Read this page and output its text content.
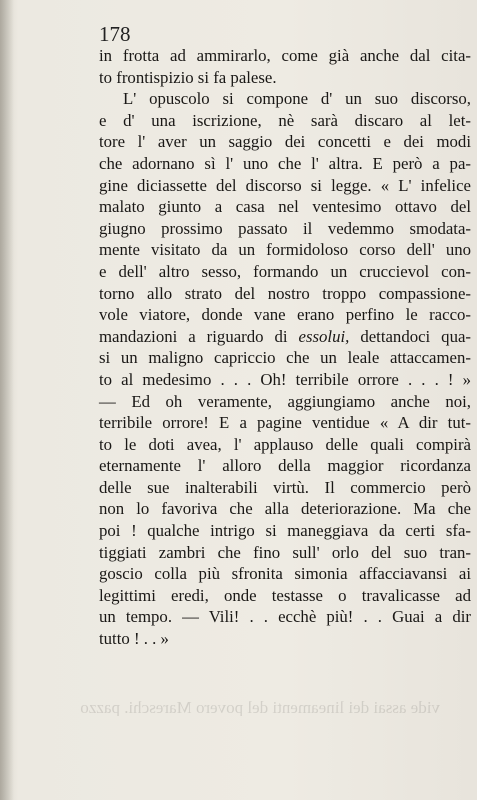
vide assai dei lineamenti del povero Mareschi. pazzo
178
in frotta ad ammirarlo, come già anche dal cita-
to frontispizio si fa palese.
L' opuscolo si compone d' un suo discorso,
e d' una iscrizione, nè sarà discaro al let-
tore l' aver un saggio dei concetti e dei modi
che adornano sì l' uno che l' altra. E però a pa-
gine diciassette del discorso si legge. « L' infelice
malato giunto a casa nel ventesimo ottavo del
giugno prossimo passato il vedemmo smodata-
mente visitato da un formidoloso corso dell' uno
e dell' altro sesso, formando un cruccievol con-
torno allo strato del nostro troppo compassione-
vole viatore, donde vane erano perfino le racco-
mandazioni a riguardo di essolui, dettandoci qua-
si un maligno capriccio che un leale attaccamen-
to al medesimo . . . Oh! terribile orrore . . . ! »
— Ed oh veramente, aggiungiamo anche noi,
terribile orrore! E a pagine ventidue « A dir tut-
to le doti avea, l' applauso delle quali compirà
eternamente l' alloro della maggior ricordanza
delle sue inalterabili virtù. Il commercio però
non lo favoriva che alla deteriorazione. Ma che
poi ! qualche intrigo si maneggiava da certi sfa-
tiggiati zambri che fino sull' orlo del suo tran-
goscio colla più sfronita simonia affacciavansi ai
legittimi eredi, onde testasse o travalicasse ad
un tempo. — Vili! . . ecchè più! . . Guai a dir
tutto ! . . »
